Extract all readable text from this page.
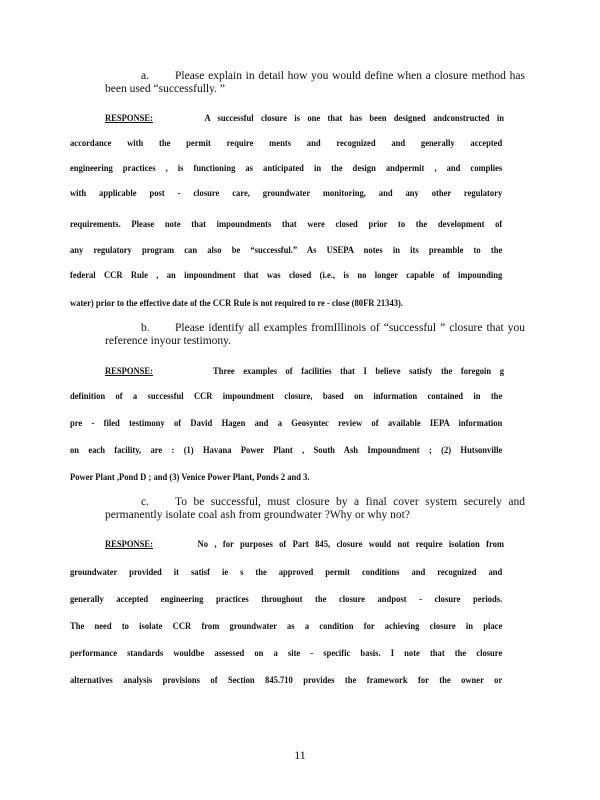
a. Please explain in detail how you would define when a closure method has been used “successfully. ”
RESPONSE:	A successful closure is one that has been designed andconstructed in
accordance with the permit require ments and recognized and generally accepted
engineering practices , is functioning as anticipated in the design andpermit , and complies
with applicable post - closure care, groundwater monitoring, and any other regulatory
requirements. Please note that impoundments that were closed prior to the development of
any regulatory program can also be “successful.” As USEPA notes in its preamble to the
federal CCR Rule , an impoundment that was closed (i.e., is no longer capable of impounding
water) prior to the effective date of the CCR Rule is not required to re - close (80FR 21343).
b. Please identify all examples fromIllinois of “successful ” closure that you reference inyour testimony.
RESPONSE:	Three examples of facilities that I believe satisfy the foregoin g
definition of a successful CCR impoundment closure, based on information contained in the
pre - filed testimony of David Hagen and a Geosyntec review of available IEPA information
on each facility, are : (1) Havana Power Plant , South Ash Impoundment ; (2) Hutsonville
Power Plant ,Pond D ; and (3) Venice Power Plant, Ponds 2 and 3.
c. To be successful, must closure by a final cover system securely and permanently isolate coal ash from groundwater ?Why or why not?
RESPONSE:	No , for purposes of Part 845, closure would not require isolation from
groundwater provided it satisf ie s the approved permit conditions and recognized and
generally accepted engineering practices throughout the closure andpost - closure periods.
The need to isolate CCR from groundwater as a condition for achieving closure in place
performance standards wouldbe assessed on a site - specific basis. I note that the closure
alternatives analysis provisions of Section 845.710 provides the framework for the owner or
11
